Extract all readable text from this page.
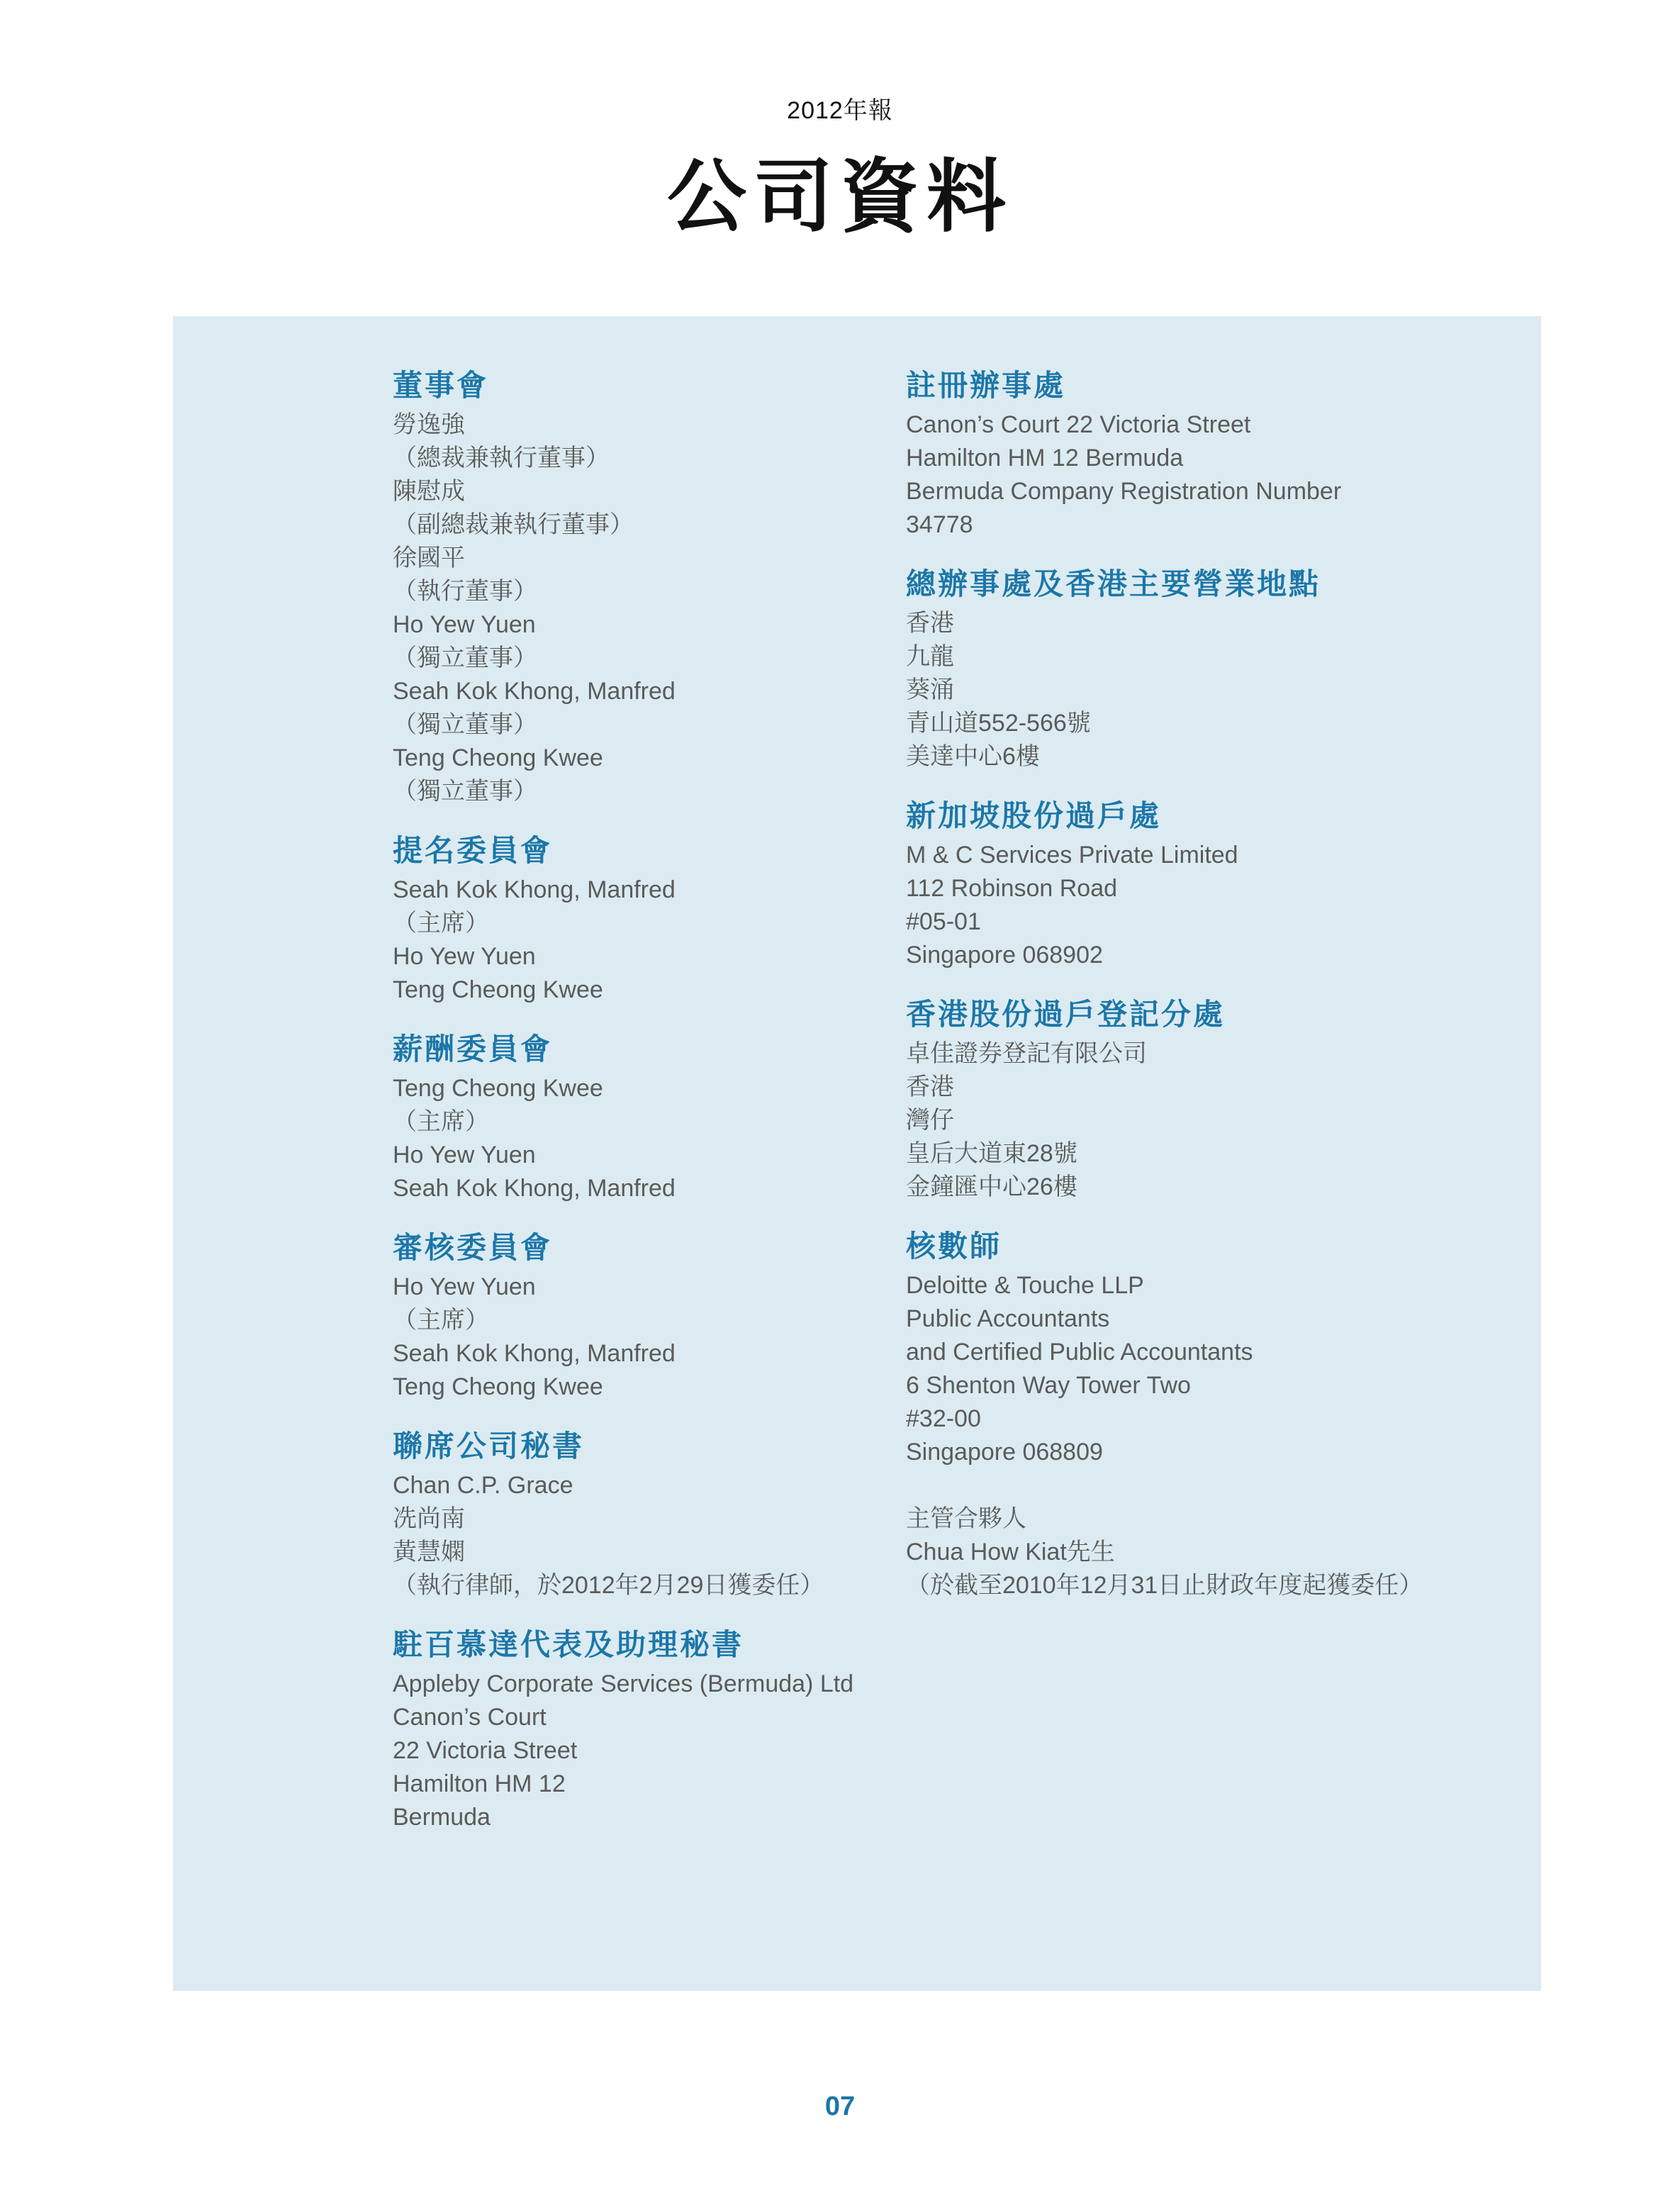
2012年報
公司資料
董事會
勞逸強
（總裁兼執行董事）
陳慰成
（副總裁兼執行董事）
徐國平
（執行董事）
Ho Yew Yuen
（獨立董事）
Seah Kok Khong, Manfred
（獨立董事）
Teng Cheong Kwee
（獨立董事）
提名委員會
Seah Kok Khong, Manfred
（主席）
Ho Yew Yuen
Teng Cheong Kwee
薪酬委員會
Teng Cheong Kwee
（主席）
Ho Yew Yuen
Seah Kok Khong, Manfred
審核委員會
Ho Yew Yuen
（主席）
Seah Kok Khong, Manfred
Teng Cheong Kwee
聯席公司秘書
Chan C.P. Grace
冼尚南
黃慧嫻
（執行律師，於2012年2月29日獲委任）
駐百慕達代表及助理秘書
Appleby Corporate Services (Bermuda) Ltd
Canon’s Court
22 Victoria Street
Hamilton HM 12
Bermuda
註冊辦事處
Canon’s Court 22 Victoria Street
Hamilton HM 12 Bermuda
Bermuda Company Registration Number
34778
總辦事處及香港主要營業地點
香港
九龍
葵涌
青山道552-566號
美達中心6樓
新加坡股份過戶處
M & C Services Private Limited
112 Robinson Road
#05-01
Singapore 068902
香港股份過戶登記分處
卓佳證券登記有限公司
香港
灣仔
皇后大道東28號
金鐘匯中心26樓
核數師
Deloitte & Touche LLP
Public Accountants
and Certified Public Accountants
6 Shenton Way Tower Two
#32-00
Singapore 068809
主管合夥人
Chua How Kiat先生
（於截至2010年12月31日止財政年度起獲委任）
07
